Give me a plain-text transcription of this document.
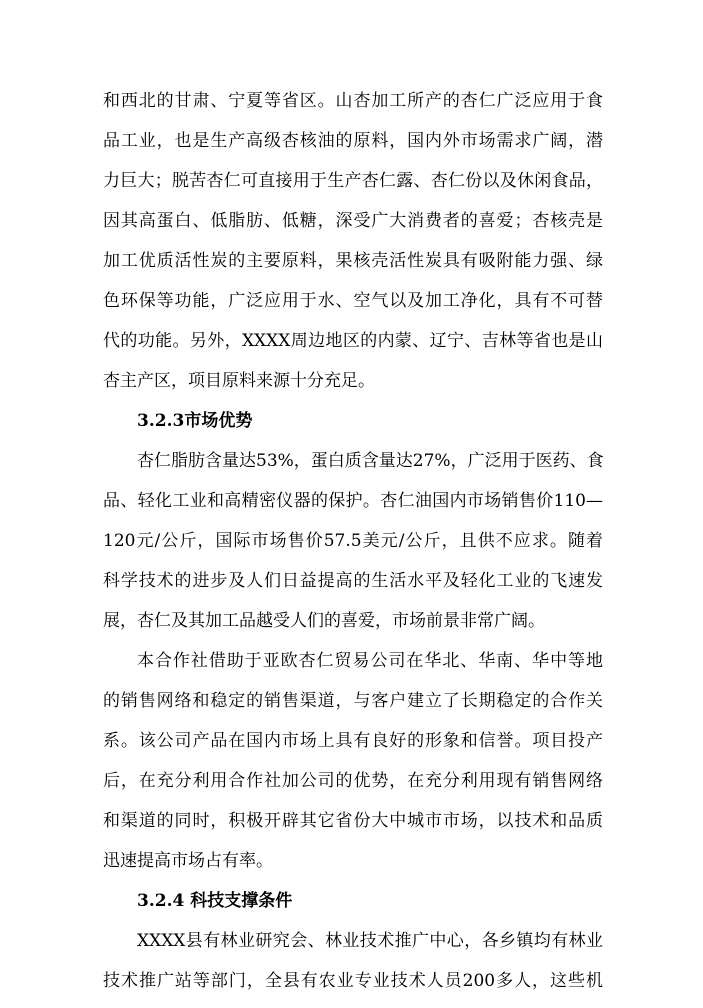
和西北的甘肃、宁夏等省区。山杏加工所产的杏仁广泛应用于食
品工业，也是生产高级杏核油的原料，国内外市场需求广阔，潜
力巨大；脱苦杏仁可直接用于生产杏仁露、杏仁份以及休闲食品，
因其高蛋白、低脂肪、低糖，深受广大消费者的喜爱；杏核壳是
加工优质活性炭的主要原料，果核壳活性炭具有吸附能力强、绿
色环保等功能，广泛应用于水、空气以及加工净化，具有不可替
代的功能。另外，XXXX周边地区的内蒙、辽宁、吉林等省也是山
杏主产区，项目原料来源十分充足。
3.2.3市场优势
杏仁脂肪含量达53%，蛋白质含量达27%，广泛用于医药、食
品、轻化工业和高精密仪器的保护。杏仁油国内市场销售价110—
120元/公斤，国际市场售价57.5美元/公斤，且供不应求。随着
科学技术的进步及人们日益提高的生活水平及轻化工业的飞速发
展，杏仁及其加工品越受人们的喜爱，市场前景非常广阔。
本合作社借助于亚欧杏仁贸易公司在华北、华南、华中等地
的销售网络和稳定的销售渠道，与客户建立了长期稳定的合作关
系。该公司产品在国内市场上具有良好的形象和信誉。项目投产
后，在充分利用合作社加公司的优势，在充分利用现有销售网络
和渠道的同时，积极开辟其它省份大中城市市场，以技术和品质
迅速提高市场占有率。
3.2.4 科技支撑条件
XXXX县有林业研究会、林业技术推广中心，各乡镇均有林业
技术推广站等部门，全县有农业专业技术人员200多人，这些机
